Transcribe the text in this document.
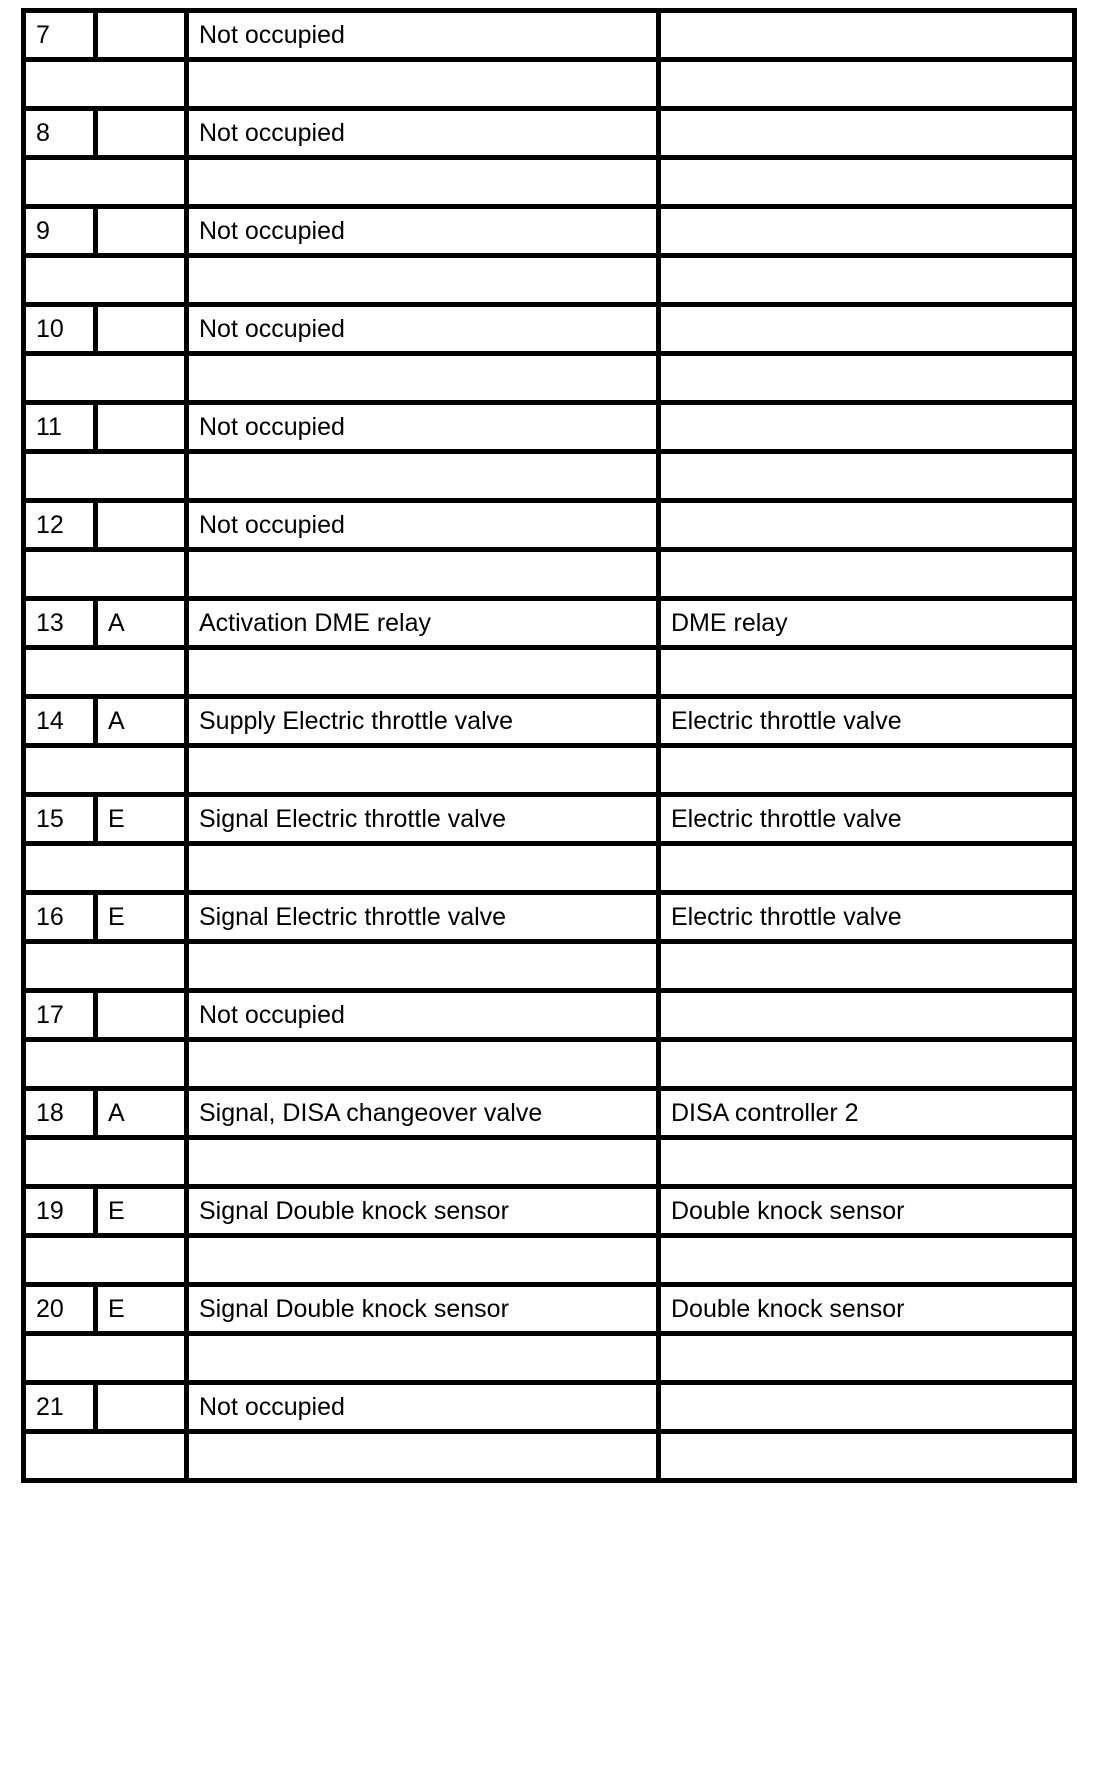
7		Not occupied	

8		Not occupied	

9		Not occupied	

10		Not occupied	

11		Not occupied	

12		Not occupied	

13	A	Activation DME relay	DME relay

14	A	Supply Electric throttle valve	Electric throttle valve

15	E	Signal Electric throttle valve	Electric throttle valve

16	E	Signal Electric throttle valve	Electric throttle valve

17		Not occupied	

18	A	Signal, DISA changeover valve	DISA controller 2

19	E	Signal Double knock sensor	Double knock sensor

20	E	Signal Double knock sensor	Double knock sensor

21		Not occupied	
